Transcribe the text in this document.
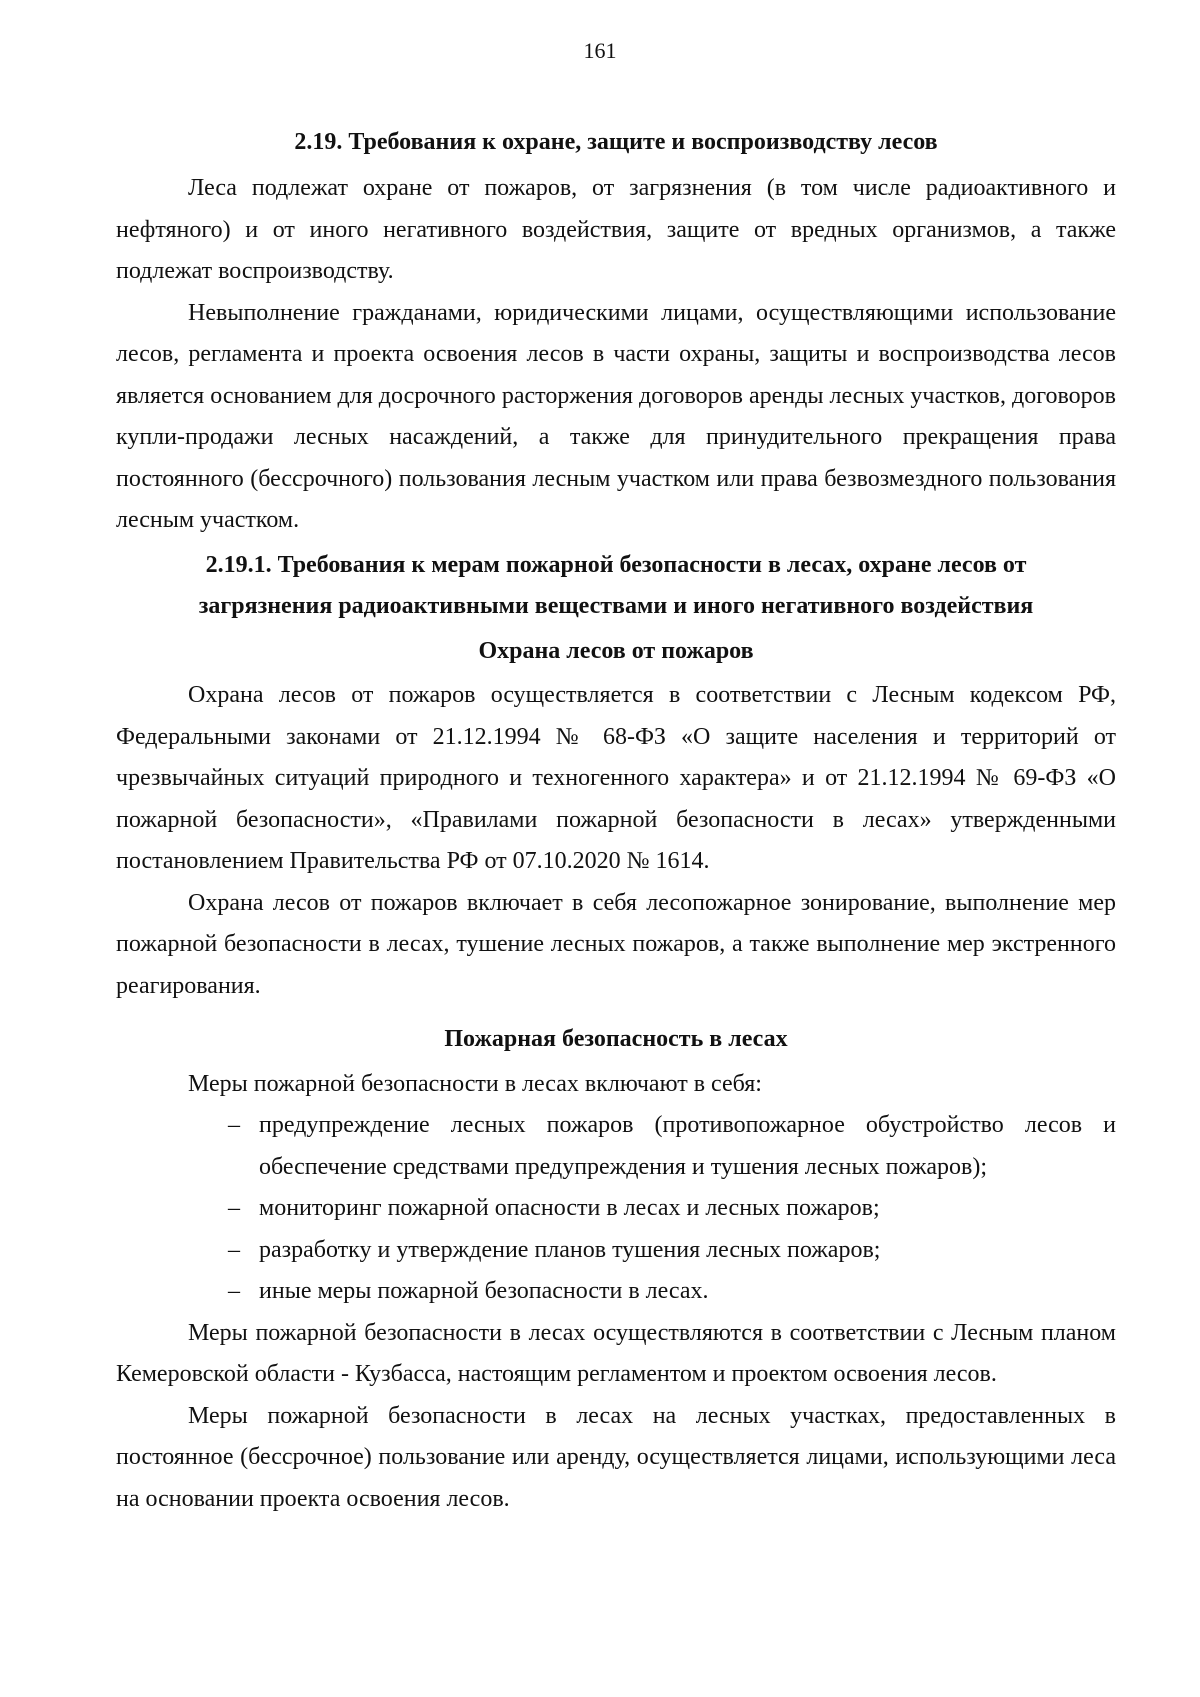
161

2.19. Требования к охране, защите и воспроизводству лесов

Леса подлежат охране от пожаров, от загрязнения (в том числе радиоактивного и нефтяного) и от иного негативного воздействия, защите от вредных организмов, а также подлежат воспроизводству.

Невыполнение гражданами, юридическими лицами, осуществляющими использование лесов, регламента и проекта освоения лесов в части охраны, защиты и воспроизводства лесов является основанием для досрочного расторжения договоров аренды лесных участков, договоров купли-продажи лесных насаждений, а также для принудительного прекращения права постоянного (бессрочного) пользования лесным участком или права безвозмездного пользования лесным участком.

2.19.1. Требования к мерам пожарной безопасности в лесах, охране лесов от

загрязнения радиоактивными веществами и иного негативного воздействия

Охрана лесов от пожаров

Охрана лесов от пожаров осуществляется в соответствии с Лесным кодексом РФ, Федеральными законами от 21.12.1994 № 68-ФЗ «О защите населения и территорий от чрезвычайных ситуаций природного и техногенного характера» и от 21.12.1994 № 69-ФЗ «О пожарной безопасности», «Правилами пожарной безопасности в лесах» утвержденными постановлением Правительства РФ от 07.10.2020 № 1614.

Охрана лесов от пожаров включает в себя лесопожарное зонирование, выполнение мер пожарной безопасности в лесах, тушение лесных пожаров, а также выполнение мер экстренного реагирования.

Пожарная безопасность в лесах

Меры пожарной безопасности в лесах включают в себя:

– предупреждение лесных пожаров (противопожарное обустройство лесов и обеспечение средствами предупреждения и тушения лесных пожаров);
– мониторинг пожарной опасности в лесах и лесных пожаров;
– разработку и утверждение планов тушения лесных пожаров;
– иные меры пожарной безопасности в лесах.

Меры пожарной безопасности в лесах осуществляются в соответствии с Лесным планом Кемеровской области - Кузбасса, настоящим регламентом и проектом освоения лесов.

Меры пожарной безопасности в лесах на лесных участках, предоставленных в постоянное (бессрочное) пользование или аренду, осуществляется лицами, использующими леса на основании проекта освоения лесов.
